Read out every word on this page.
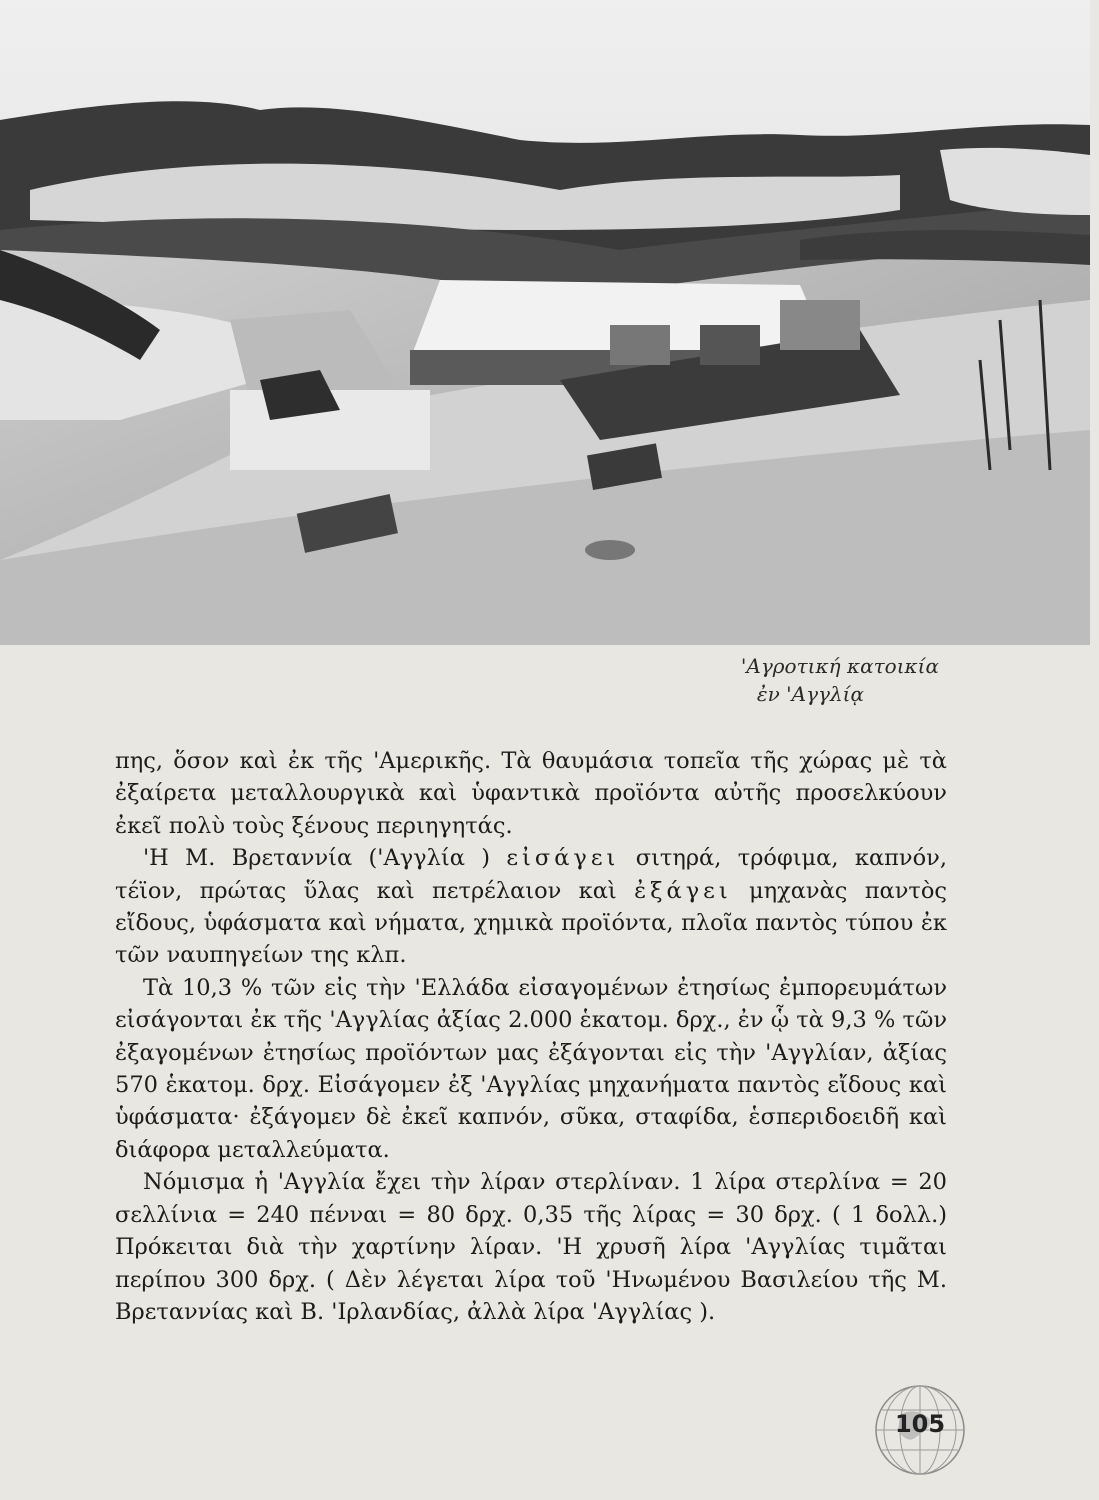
'Αγροτική κατοικία
ἐν 'Αγγλίᾳ

πης, ὅσον καὶ ἐκ τῆς 'Αμερικῆς. Τὰ θαυμάσια τοπεῖα τῆς χώρας μὲ τὰ ἐξαίρετα μεταλλουργικὰ καὶ ὑφαντικὰ προϊόντα αὐτῆς προσελκύουν ἐκεῖ πολὺ τοὺς ξένους περιηγητάς.

'Η Μ. Βρεταννία ('Αγγλία ) εἰσάγει σιτηρά, τρόφιμα, καπνόν, τέϊον, πρώτας ὕλας καὶ πετρέλαιον καὶ ἐξάγει μηχανὰς παντὸς εἴδους, ὑφάσματα καὶ νήματα, χημικὰ προϊόντα, πλοῖα παντὸς τύπου ἐκ τῶν ναυπηγείων της κλπ.

Τὰ 10,3 % τῶν εἰς τὴν 'Ελλάδα εἰσαγομένων ἐτησίως ἐμπορευμάτων εἰσάγονται ἐκ τῆς 'Αγγλίας ἀξίας 2.000 ἑκατομ. δρχ., ἐν ᾧ τὰ 9,3 % τῶν ἐξαγομένων ἐτησίως προϊόντων μας ἐξάγονται εἰς τὴν 'Αγγλίαν, ἀξίας 570 ἑκατομ. δρχ. Εἰσάγομεν ἐξ 'Αγγλίας μηχανήματα παντὸς εἴδους καὶ ὑφάσματα· ἐξάγομεν δὲ ἐκεῖ καπνόν, σῦκα, σταφίδα, ἑσπεριδοειδῆ καὶ διάφορα μεταλλεύματα.

Νόμισμα ἡ 'Αγγλία ἔχει τὴν λίραν στερλίναν. 1 λίρα στερλίνα = 20 σελλίνια = 240 πένναι = 80 δρχ. 0,35 τῆς λίρας = 30 δρχ. ( 1 δολλ.) Πρόκειται διὰ τὴν χαρτίνην λίραν. 'Η χρυσῆ λίρα 'Αγγλίας τιμᾶται περίπου 300 δρχ. ( Δὲν λέγεται λίρα τοῦ 'Ηνωμένου Βασιλείου τῆς Μ. Βρεταννίας καὶ Β. 'Ιρλανδίας, ἀλλὰ λίρα 'Αγγλίας ).

105
